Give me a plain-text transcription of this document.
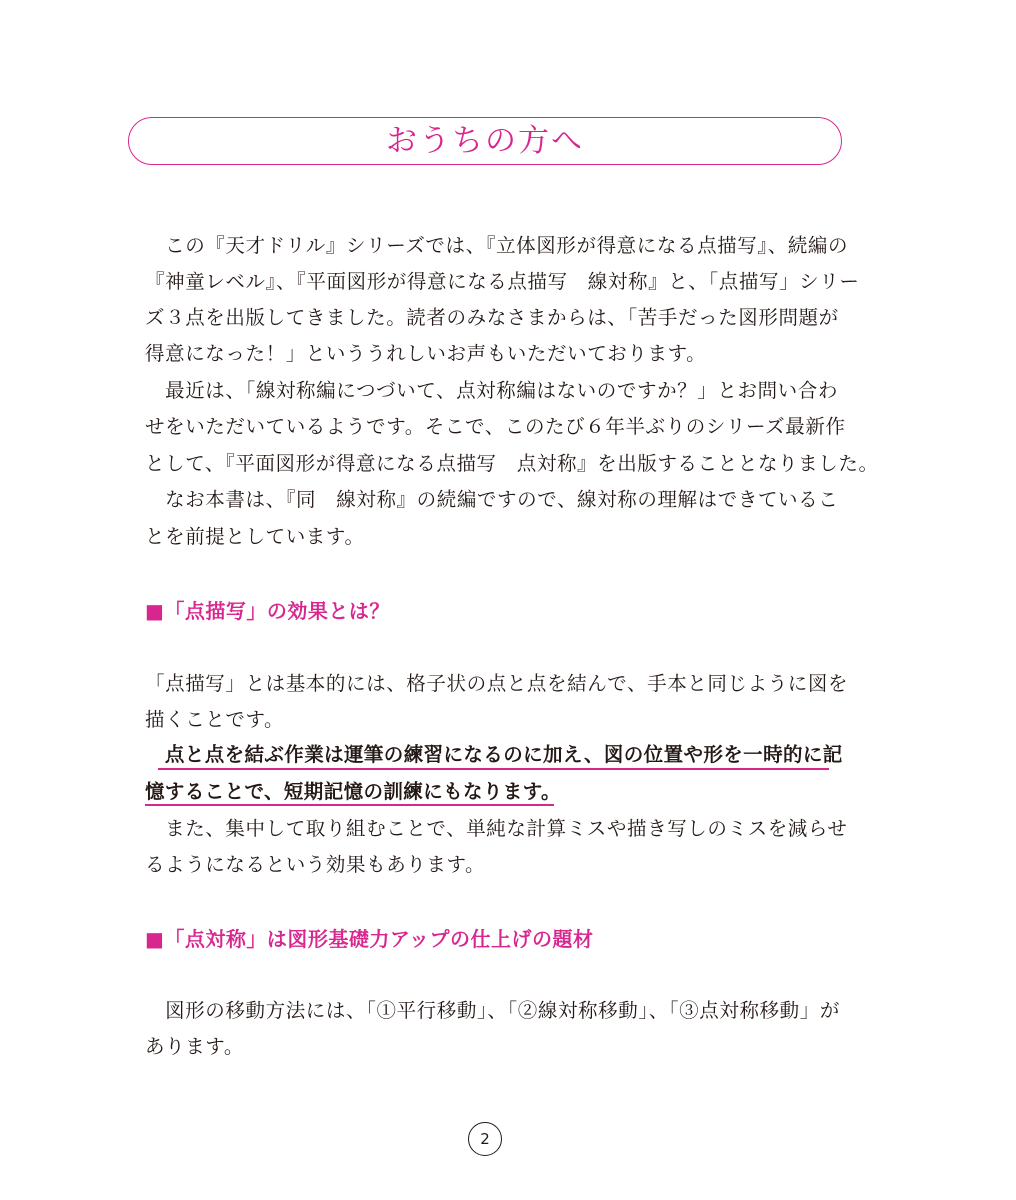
おうちの方へ
　この『天才ドリル』シリーズでは、『立体図形が得意になる点描写』、続編の
『神童レベル』、『平面図形が得意になる点描写　線対称』と、「点描写」シリー
ズ３点を出版してきました。読者のみなさまからは、「苦手だった図形問題が
得意になった！」といううれしいお声もいただいております。
　最近は、「線対称編につづいて、点対称編はないのですか？」とお問い合わ
せをいただいているようです。そこで、このたび６年半ぶりのシリーズ最新作
として、『平面図形が得意になる点描写　点対称』を出版することとなりました。
　なお本書は、『同　線対称』の続編ですので、線対称の理解はできているこ
とを前提としています。
■「点描写」の効果とは？
「点描写」とは基本的には、格子状の点と点を結んで、手本と同じように図を
描くことです。
　点と点を結ぶ作業は運筆の練習になるのに加え、図の位置や形を一時的に記
憶することで、短期記憶の訓練にもなります。
　また、集中して取り組むことで、単純な計算ミスや描き写しのミスを減らせ
るようになるという効果もあります。
■「点対称」は図形基礎力アップの仕上げの題材
　図形の移動方法には、「①平行移動」、「②線対称移動」、「③点対称移動」が
あります。
2
